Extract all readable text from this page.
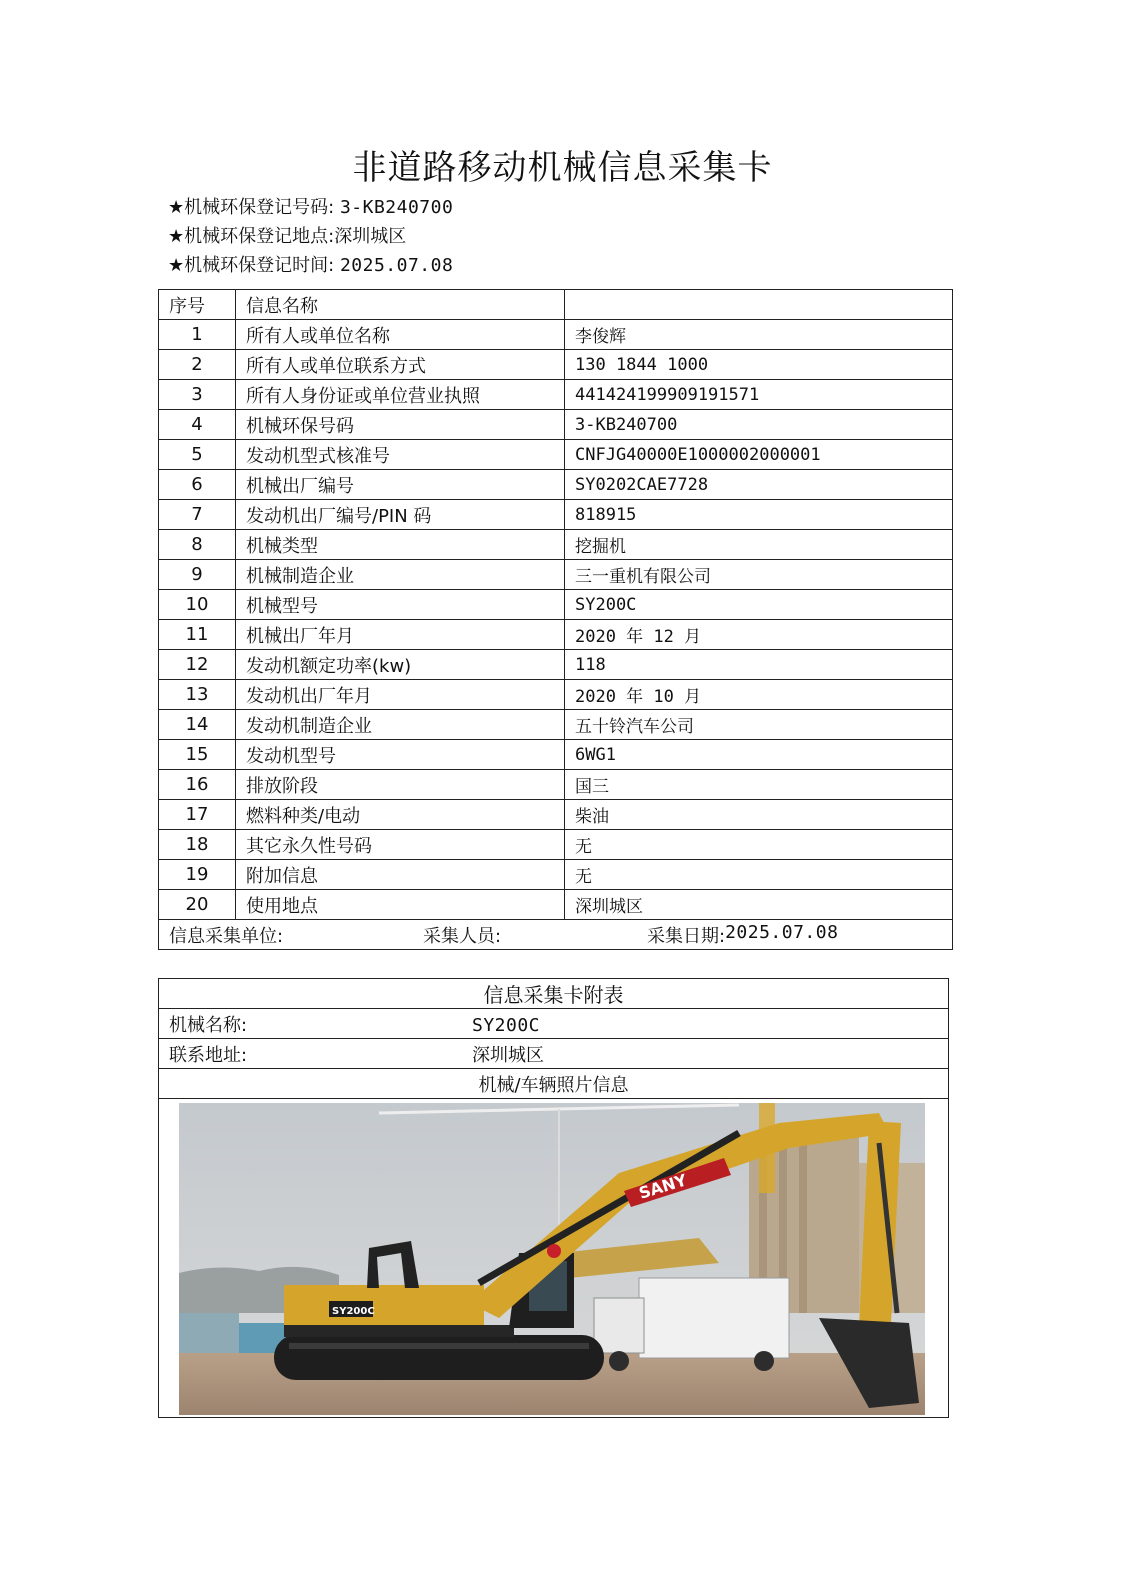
非道路移动机械信息采集卡
★机械环保登记号码: 3-KB240700
★机械环保登记地点:深圳城区
★机械环保登记时间: 2025.07.08
序号	信息名称	
1	所有人或单位名称	李俊辉
2	所有人或单位联系方式	130 1844 1000
3	所有人身份证或单位营业执照	441424199909191571
4	机械环保号码	3-KB240700
5	发动机型式核准号	CNFJG40000E1000002000001
6	机械出厂编号	SY0202CAE7728
7	发动机出厂编号/PIN 码	818915
8	机械类型	挖掘机
9	机械制造企业	三一重机有限公司
10	机械型号	SY200C
11	机械出厂年月	2020 年 12 月
12	发动机额定功率(kw)	118
13	发动机出厂年月	2020 年 10 月
14	发动机制造企业	五十铃汽车公司
15	发动机型号	6WG1
16	排放阶段	国三
17	燃料种类/电动	柴油
18	其它永久性号码	无
19	附加信息	无
20	使用地点	深圳城区

信息采集单位: 采集人员: 采集日期: 2025.07.08		
信息采集卡附表
机械名称:	SY200C
联系地址:	深圳城区
机械/车辆照片信息

SANY
SY200C
